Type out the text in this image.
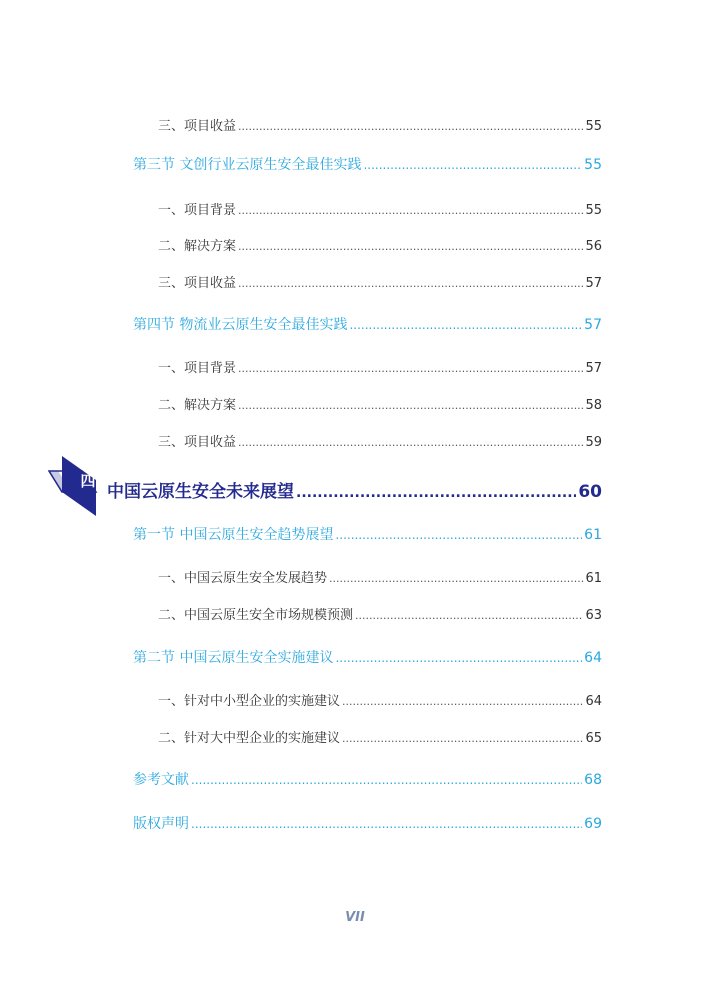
四
三、项目收益 .....	55
第三节 文创行业云原生安全最佳实践 .....	55
一、项目背景 .....	55
二、解决方案 .....	56
三、项目收益 .....	57
第四节 物流业云原生安全最佳实践 .....	57
一、项目背景 .....	57
二、解决方案 .....	58
三、项目收益 .....	59
中国云原生安全未来展望 .....	60
第一节 中国云原生安全趋势展望 .....	61
一、中国云原生安全发展趋势 .....	61
二、中国云原生安全市场规模预测 .....	63
第二节 中国云原生安全实施建议 .....	64
一、针对中小型企业的实施建议 .....	64
二、针对大中型企业的实施建议 .....	65
参考文献 .....	68
版权声明 .....	69
VII
